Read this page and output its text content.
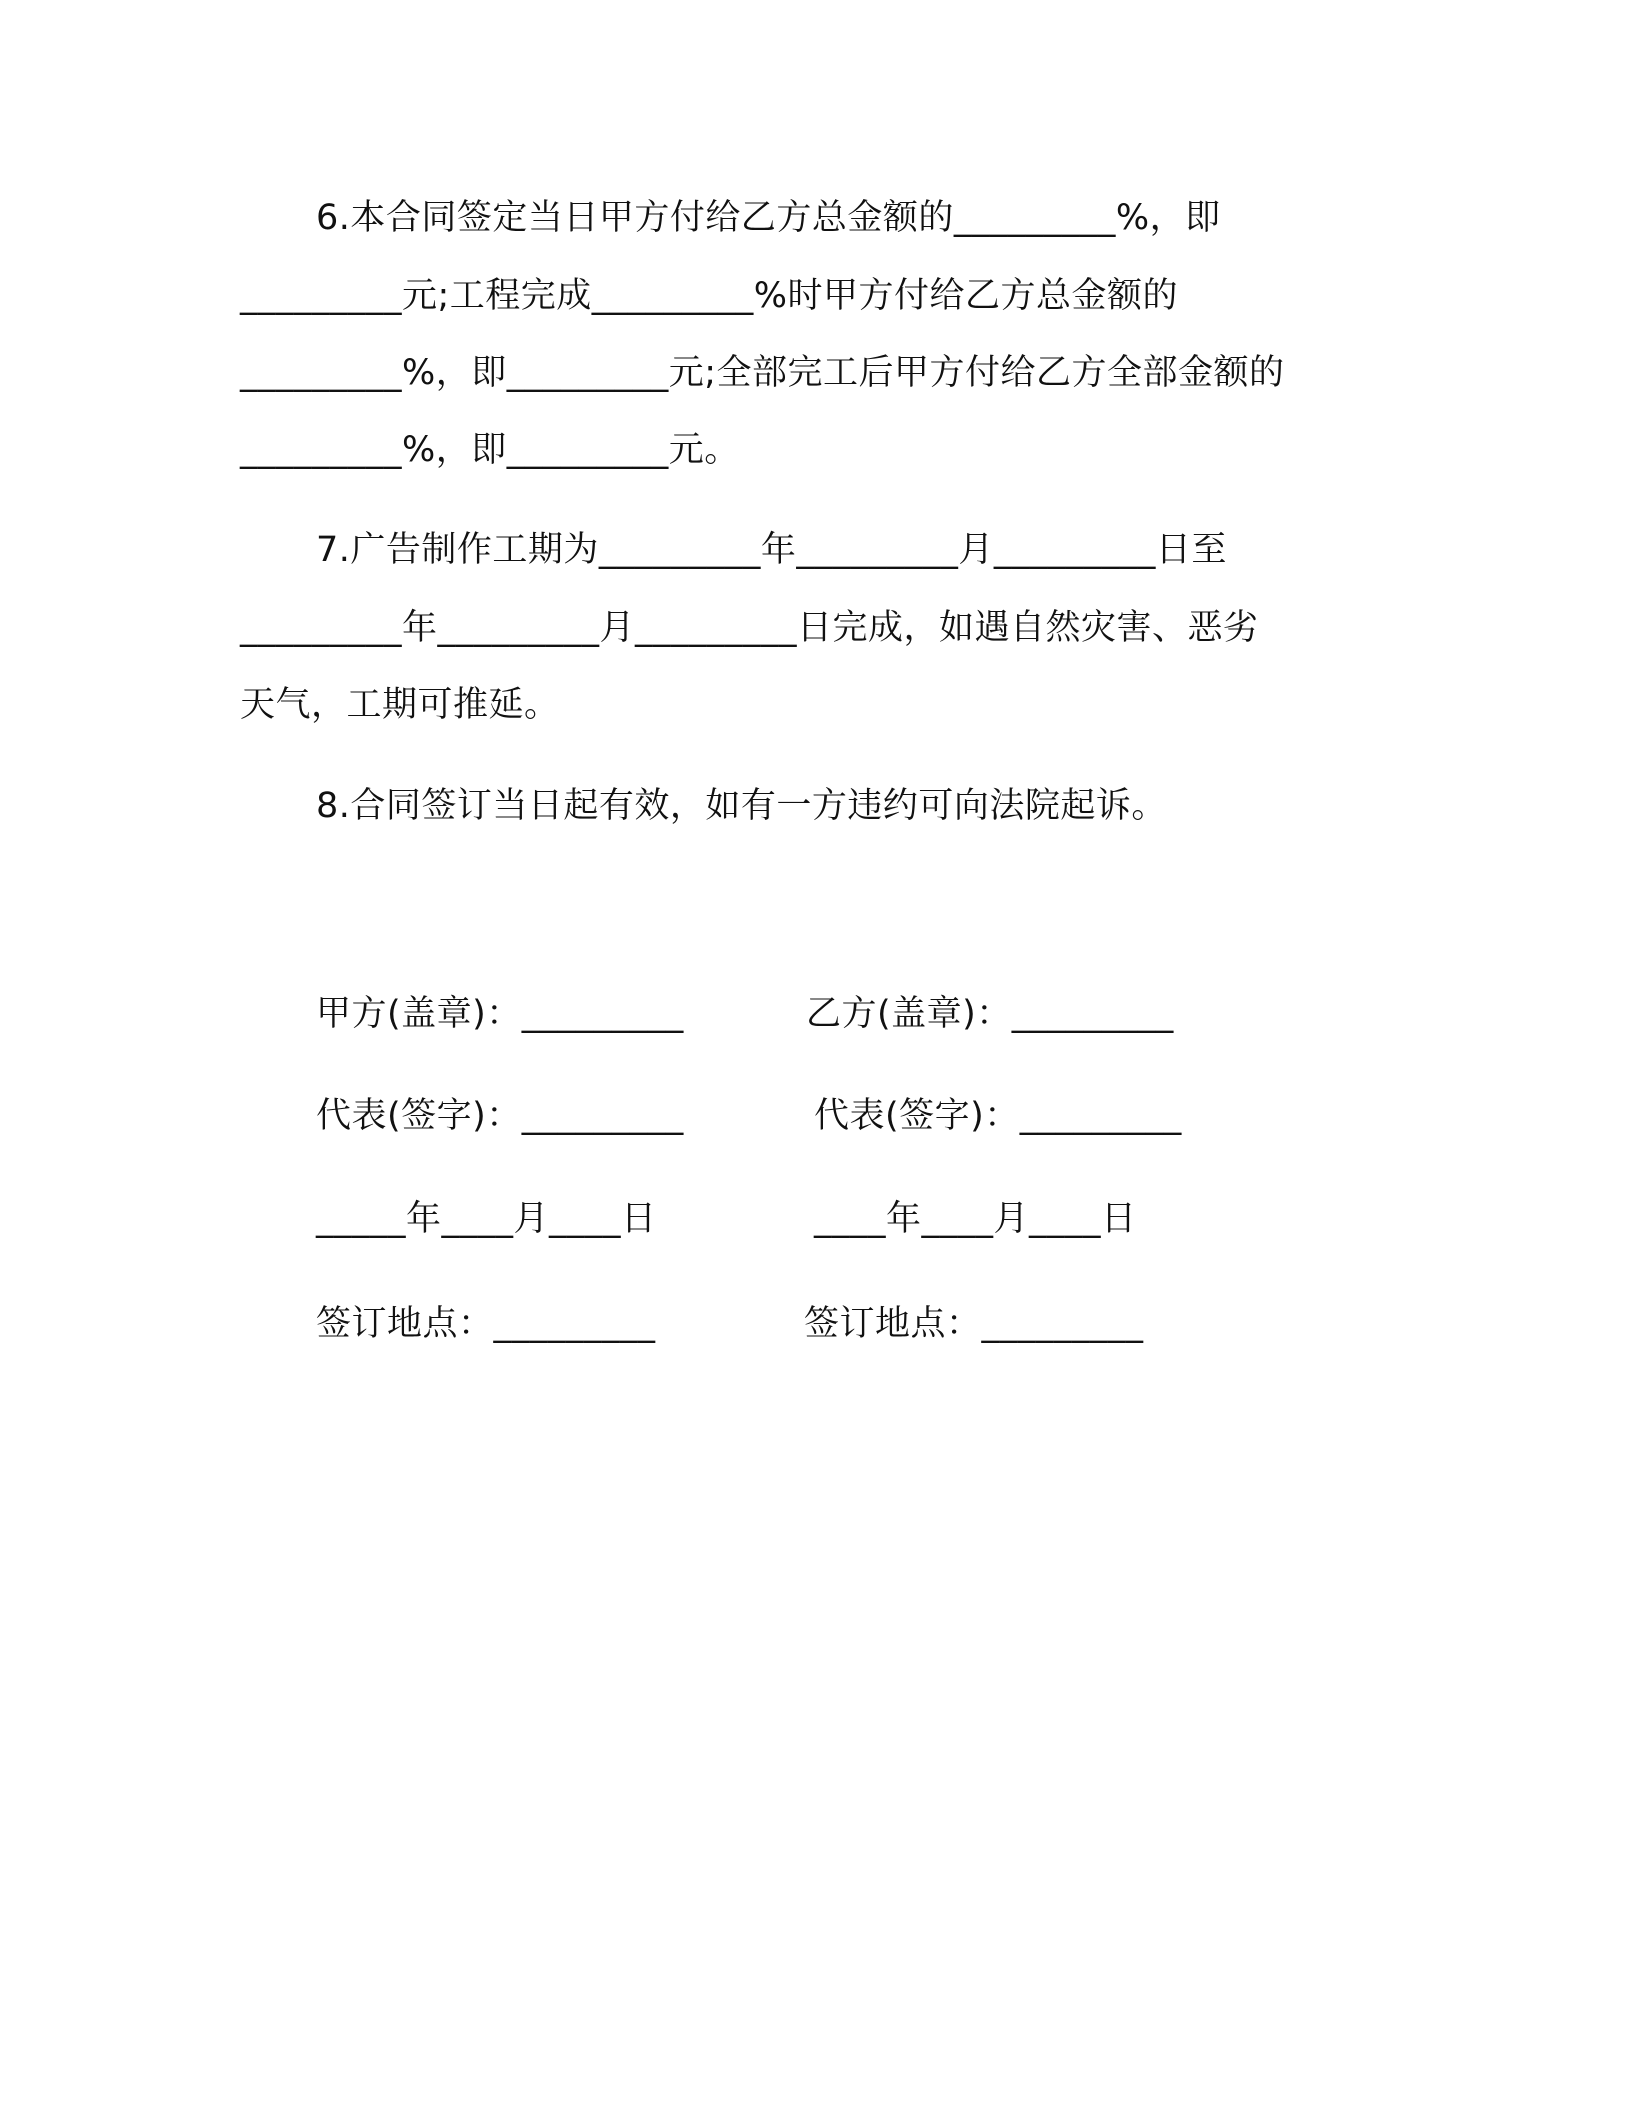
6.本合同签定当日甲方付给乙方总金额的_________%，即
_________元;工程完成_________%时甲方付给乙方总金额的
_________%，即_________元;全部完工后甲方付给乙方全部金额的
_________%，即_________元。
7.广告制作工期为_________年_________月_________日至
_________年_________月_________日完成，如遇自然灾害、恶劣
天气，工期可推延。
8.合同签订当日起有效，如有一方违约可向法院起诉。
甲方(盖章)：_________	乙方(盖章)：_________
代表(签字)：_________	代表(签字)：_________
_____年____月____日	____年____月____日
签订地点：_________	签订地点：_________
